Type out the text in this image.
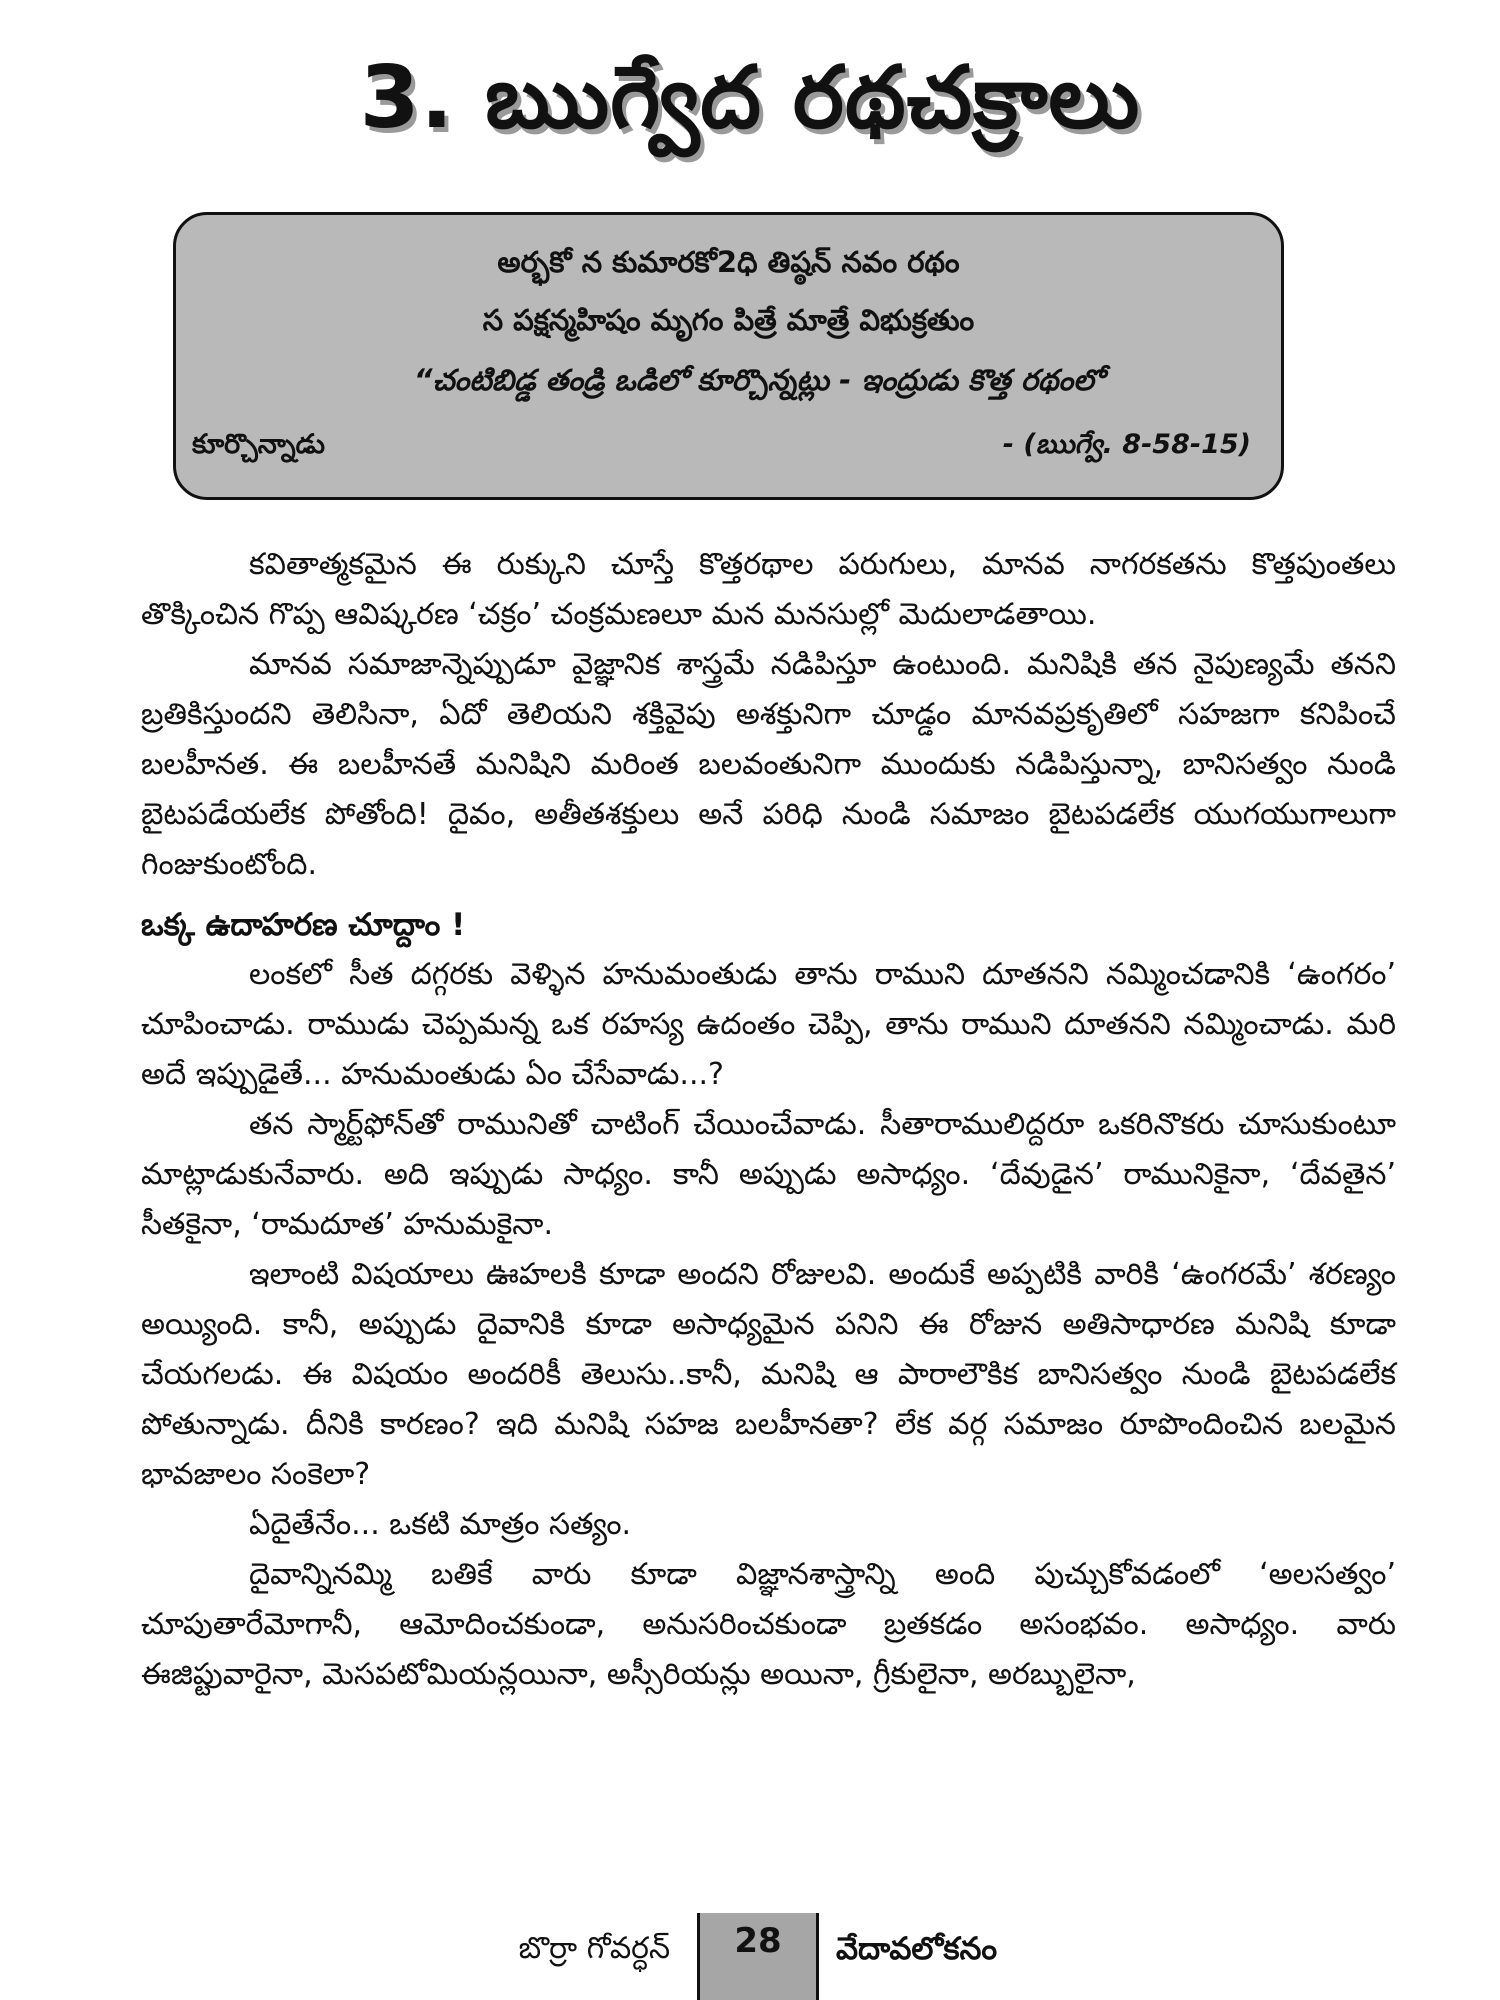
3. ఋగ్వేద రథచక్రాలు
అర్భకో న కుమారకో2ధి తిష్ఠన్ నవం రథం
స పక్షన్మహిషం మృగం పిత్రే మాత్రే విభుక్రతుం
“చంటిబిడ్డ తండ్రి ఒడిలో కూర్చొన్నట్లు - ఇంద్రుడు కొత్త రథంలో
కూర్చొన్నాడు	- (ఋగ్వే. 8-58-15)

కవితాత్మకమైన ఈ రుక్కుని చూస్తే కొత్తరథాల పరుగులు, మానవ నాగరకతను కొత్తపుంతలు తొక్కించిన గొప్ప ఆవిష్కరణ ‘చక్రం’ చంక్రమణలూ మన మనసుల్లో మెదులాడతాయి.

మానవ సమాజాన్నెప్పుడూ వైజ్ఞానిక శాస్త్రమే నడిపిస్తూ ఉంటుంది. మనిషికి తన నైపుణ్యమే తనని బ్రతికిస్తుందని తెలిసినా, ఏదో తెలియని శక్తివైపు అశక్తునిగా చూడ్డం మానవప్రకృతిలో సహజగా కనిపించే బలహీనత. ఈ బలహీనతే మనిషిని మరింత బలవంతునిగా ముందుకు నడిపిస్తున్నా, బానిసత్వం నుండి బైటపడేయలేక పోతోంది! దైవం, అతీతశక్తులు అనే పరిధి నుండి సమాజం బైటపడలేక యుగయుగాలుగా గింజుకుంటోంది.

ఒక్క ఉదాహరణ చూద్దాం !

లంకలో సీత దగ్గరకు వెళ్ళిన హనుమంతుడు తాను రాముని దూతనని నమ్మించడానికి ‘ఉంగరం’ చూపించాడు. రాముడు చెప్పమన్న ఒక రహస్య ఉదంతం చెప్పి, తాను రాముని దూతనని నమ్మించాడు. మరి అదే ఇప్పుడైతే... హనుమంతుడు ఏం చేసేవాడు...?

తన స్మార్ట్‌ఫోన్‌తో రామునితో చాటింగ్ చేయించేవాడు. సీతారాములిద్దరూ ఒకరినొకరు చూసుకుంటూ మాట్లాడుకునేవారు. అది ఇప్పుడు సాధ్యం. కానీ అప్పుడు అసాధ్యం. ‘దేవుడైన’ రామునికైనా, ‘దేవతైన’ సీతకైనా, ‘రామదూత’ హనుమకైనా.

ఇలాంటి విషయాలు ఊహలకి కూడా అందని రోజులవి. అందుకే అప్పటికి వారికి ‘ఉంగరమే’ శరణ్యం అయ్యింది. కానీ, అప్పుడు దైవానికి కూడా అసాధ్యమైన పనిని ఈ రోజున అతిసాధారణ మనిషి కూడా చేయగలడు. ఈ విషయం అందరికీ తెలుసు..కానీ, మనిషి ఆ పారాలౌకిక బానిసత్వం నుండి బైటపడలేక పోతున్నాడు. దీనికి కారణం? ఇది మనిషి సహజ బలహీనతా? లేక వర్గ సమాజం రూపొందించిన బలమైన భావజాలం సంకెలా?

ఏదైతేనేం... ఒకటి మాత్రం సత్యం.

దైవాన్నినమ్మి బతికే వారు కూడా విజ్ఞానశాస్త్రాన్ని అంది పుచ్చుకోవడంలో ‘అలసత్వం’ చూపుతారేమోగానీ, ఆమోదించకుండా, అనుసరించకుండా బ్రతకడం అసంభవం. అసాధ్యం. వారు ఈజిప్టువారైనా, మెసపటోమియన్లయినా, అస్సీరియన్లు అయినా, గ్రీకులైనా, అరబ్బులైనా,

బొర్రా గోవర్ధన్	28	వేదావలోకనం
